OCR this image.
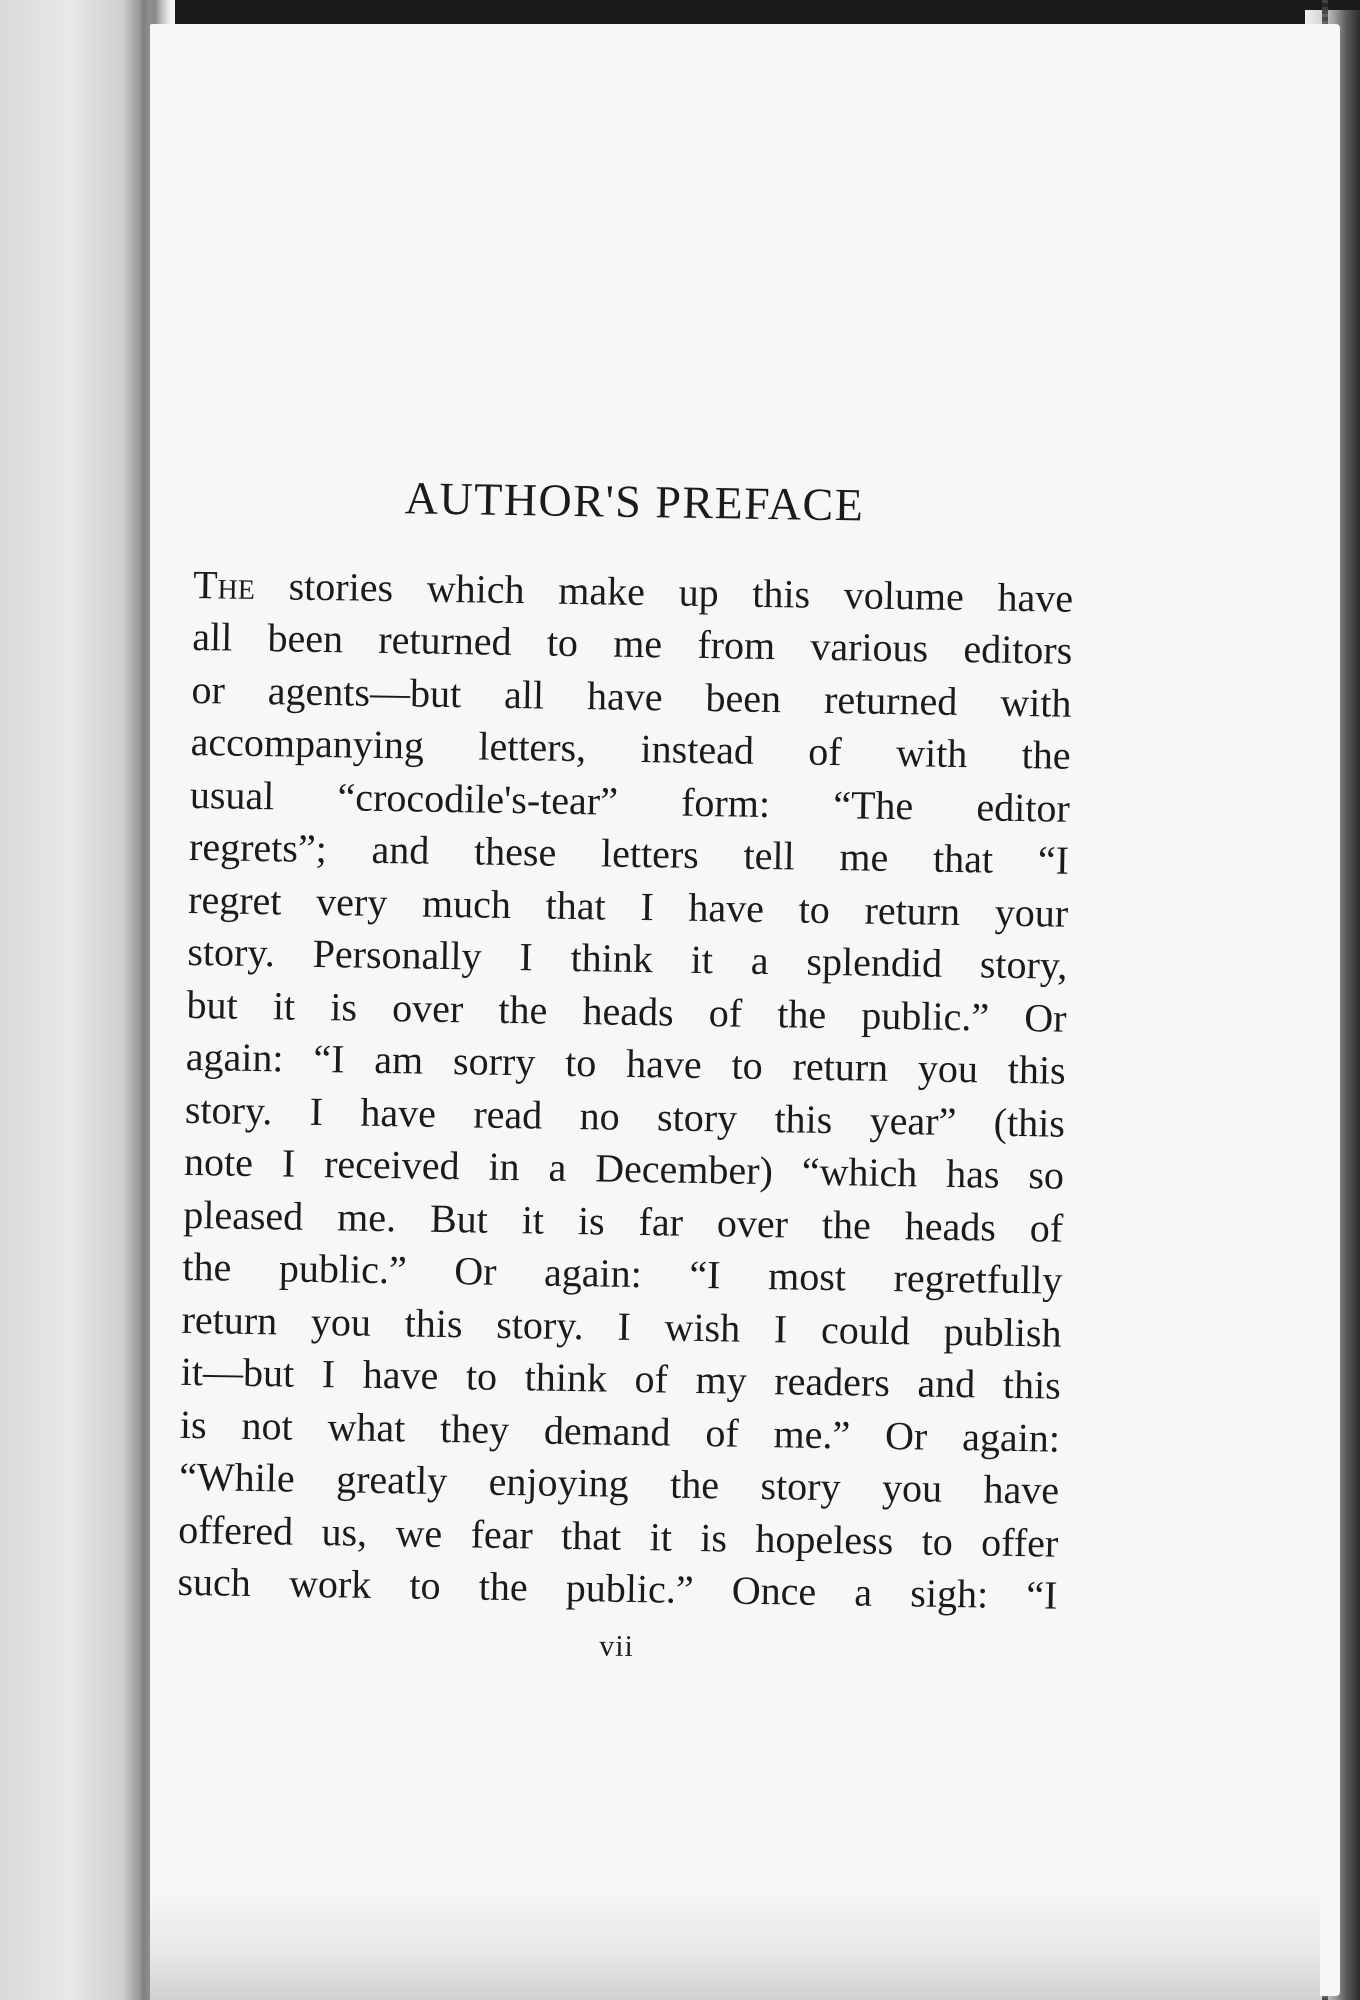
AUTHOR'S PREFACE
The stories which make up this volume have
all been returned to me from various editors
or agents—but all have been returned with
accompanying letters, instead of with the
usual “crocodile's-tear” form: “The editor
regrets”; and these letters tell me that “I
regret very much that I have to return your
story. Personally I think it a splendid story,
but it is over the heads of the public.” Or
again: “I am sorry to have to return you this
story. I have read no story this year” (this
note I received in a December) “which has so
pleased me. But it is far over the heads of
the public.” Or again: “I most regretfully
return you this story. I wish I could publish
it—but I have to think of my readers and this
is not what they demand of me.” Or again:
“While greatly enjoying the story you have
offered us, we fear that it is hopeless to offer
such work to the public.” Once a sigh: “I
vii
